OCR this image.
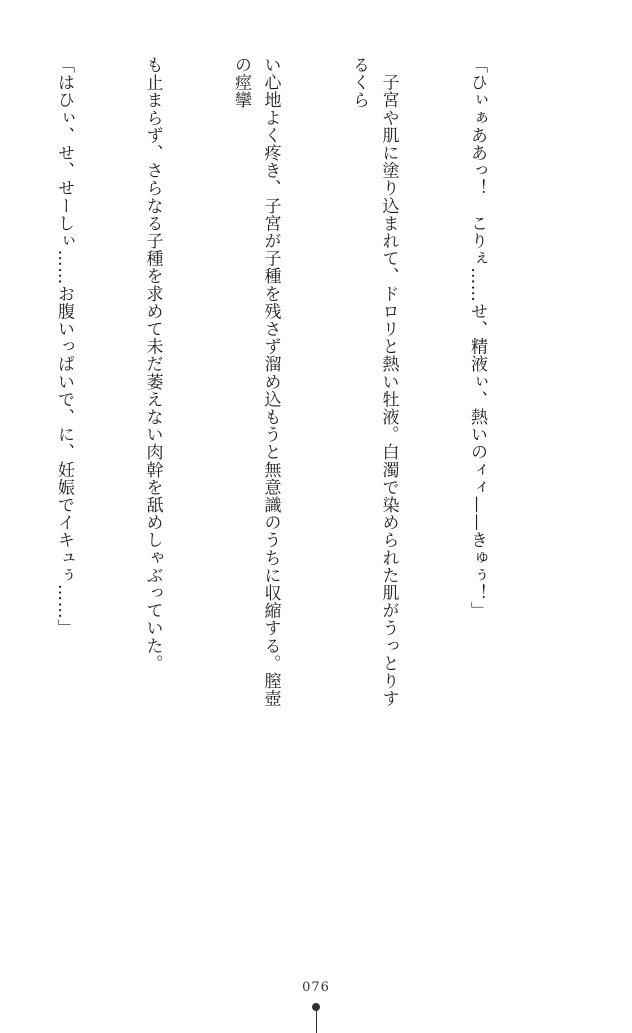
「ひぃぁああっ！　こりぇ……せ、精液ぃ、熱いのィィ——きゅぅ！」

　子宮や肌に塗り込まれて、ドロリと熱い牡液。白濁で染められた肌がうっとりするくら

い心地よく疼き、子宮が子種を残さず溜め込もうと無意識のうちに収縮する。膣壺の痙攣

も止まらず、さらなる子種を求めて未だ萎えない肉幹を舐めしゃぶっていた。

「はひぃ、せ、せーしぃ……お腹いっぱいで、に、妊娠でイキュぅ……」

076
